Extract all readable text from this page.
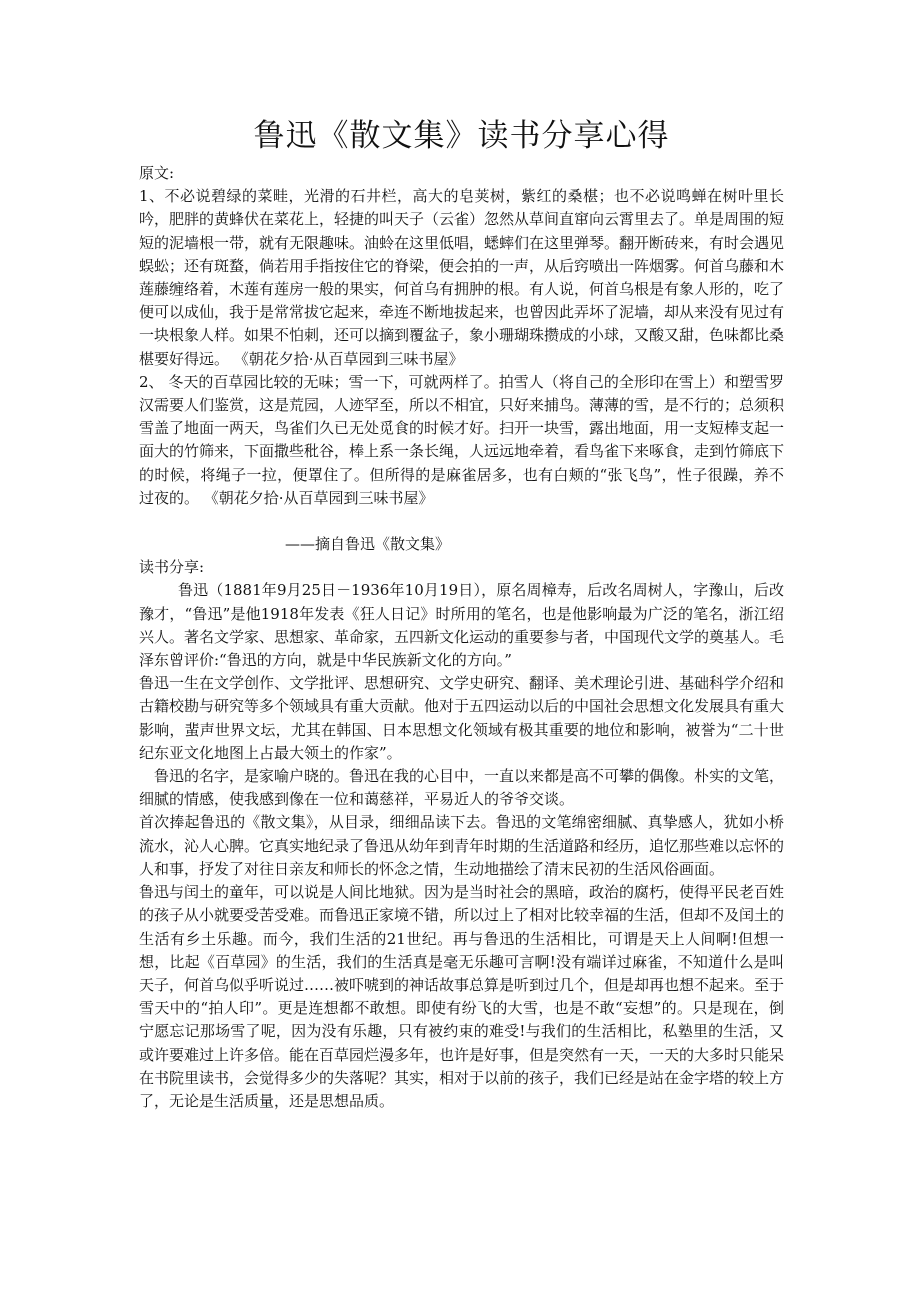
鲁迅《散文集》读书分享心得

原文:

1、不必说碧绿的菜畦，光滑的石井栏，高大的皂荚树，紫红的桑椹；也不必说鸣蝉在树叶里长吟，肥胖的黄蜂伏在菜花上，轻捷的叫天子（云雀）忽然从草间直窜向云霄里去了。单是周围的短短的泥墙根一带，就有无限趣味。油蛉在这里低唱，蟋蟀们在这里弹琴。翻开断砖来，有时会遇见蜈蚣；还有斑蝥，倘若用手指按住它的脊梁，便会拍的一声，从后窍喷出一阵烟雾。何首乌藤和木莲藤缠络着，木莲有莲房一般的果实，何首乌有拥肿的根。有人说，何首乌根是有象人形的，吃了便可以成仙，我于是常常拔它起来，牵连不断地拔起来，也曾因此弄坏了泥墙，却从来没有见过有一块根象人样。如果不怕刺，还可以摘到覆盆子，象小珊瑚珠攒成的小球，又酸又甜，色味都比桑椹要好得远。 《朝花夕拾·从百草园到三味书屋》

2、 冬天的百草园比较的无味；雪一下，可就两样了。拍雪人（将自己的全形印在雪上）和塑雪罗汉需要人们鉴赏，这是荒园，人迹罕至，所以不相宜，只好来捕鸟。薄薄的雪，是不行的；总须积雪盖了地面一两天，鸟雀们久已无处觅食的时候才好。扫开一块雪，露出地面，用一支短棒支起一面大的竹筛来，下面撒些秕谷，棒上系一条长绳，人远远地牵着，看鸟雀下来啄食，走到竹筛底下的时候，将绳子一拉，便罩住了。但所得的是麻雀居多，也有白颊的“张飞鸟”，性子很躁，养不过夜的。 《朝花夕拾·从百草园到三味书屋》

——摘自鲁迅《散文集》

读书分享:

鲁迅（1881年9月25日－1936年10月19日），原名周樟寿，后改名周树人，字豫山，后改豫才，“鲁迅”是他1918年发表《狂人日记》时所用的笔名，也是他影响最为广泛的笔名，浙江绍兴人。著名文学家、思想家、革命家，五四新文化运动的重要参与者，中国现代文学的奠基人。毛泽东曾评价:“鲁迅的方向，就是中华民族新文化的方向。”

鲁迅一生在文学创作、文学批评、思想研究、文学史研究、翻译、美术理论引进、基础科学介绍和古籍校勘与研究等多个领域具有重大贡献。他对于五四运动以后的中国社会思想文化发展具有重大影响，蜚声世界文坛，尤其在韩国、日本思想文化领域有极其重要的地位和影响，被誉为“二十世纪东亚文化地图上占最大领土的作家”。

鲁迅的名字，是家喻户晓的。鲁迅在我的心目中，一直以来都是高不可攀的偶像。朴实的文笔，细腻的情感，使我感到像在一位和蔼慈祥，平易近人的爷爷交谈。

首次捧起鲁迅的《散文集》，从目录，细细品读下去。鲁迅的文笔绵密细腻、真挚感人，犹如小桥流水，沁人心脾。它真实地纪录了鲁迅从幼年到青年时期的生活道路和经历，追忆那些难以忘怀的人和事，抒发了对往日亲友和师长的怀念之情，生动地描绘了清末民初的生活风俗画面。

鲁迅与闰土的童年，可以说是人间比地狱。因为是当时社会的黑暗，政治的腐朽，使得平民老百姓的孩子从小就要受苦受难。而鲁迅正家境不错，所以过上了相对比较幸福的生活，但却不及闰土的生活有乡土乐趣。而今，我们生活的21世纪。再与鲁迅的生活相比，可谓是天上人间啊!但想一想，比起《百草园》的生活，我们的生活真是毫无乐趣可言啊!没有端详过麻雀，不知道什么是叫天子，何首乌似乎听说过……被吓唬到的神话故事总算是听到过几个，但是却再也想不起来。至于雪天中的“拍人印”。更是连想都不敢想。即使有纷飞的大雪，也是不敢“妄想”的。只是现在，倒宁愿忘记那场雪了呢，因为没有乐趣，只有被约束的难受!与我们的生活相比，私塾里的生活，又或许要难过上许多倍。能在百草园烂漫多年，也许是好事，但是突然有一天，一天的大多时只能呆在书院里读书，会觉得多少的失落呢？其实，相对于以前的孩子，我们已经是站在金字塔的较上方了，无论是生活质量，还是思想品质。
